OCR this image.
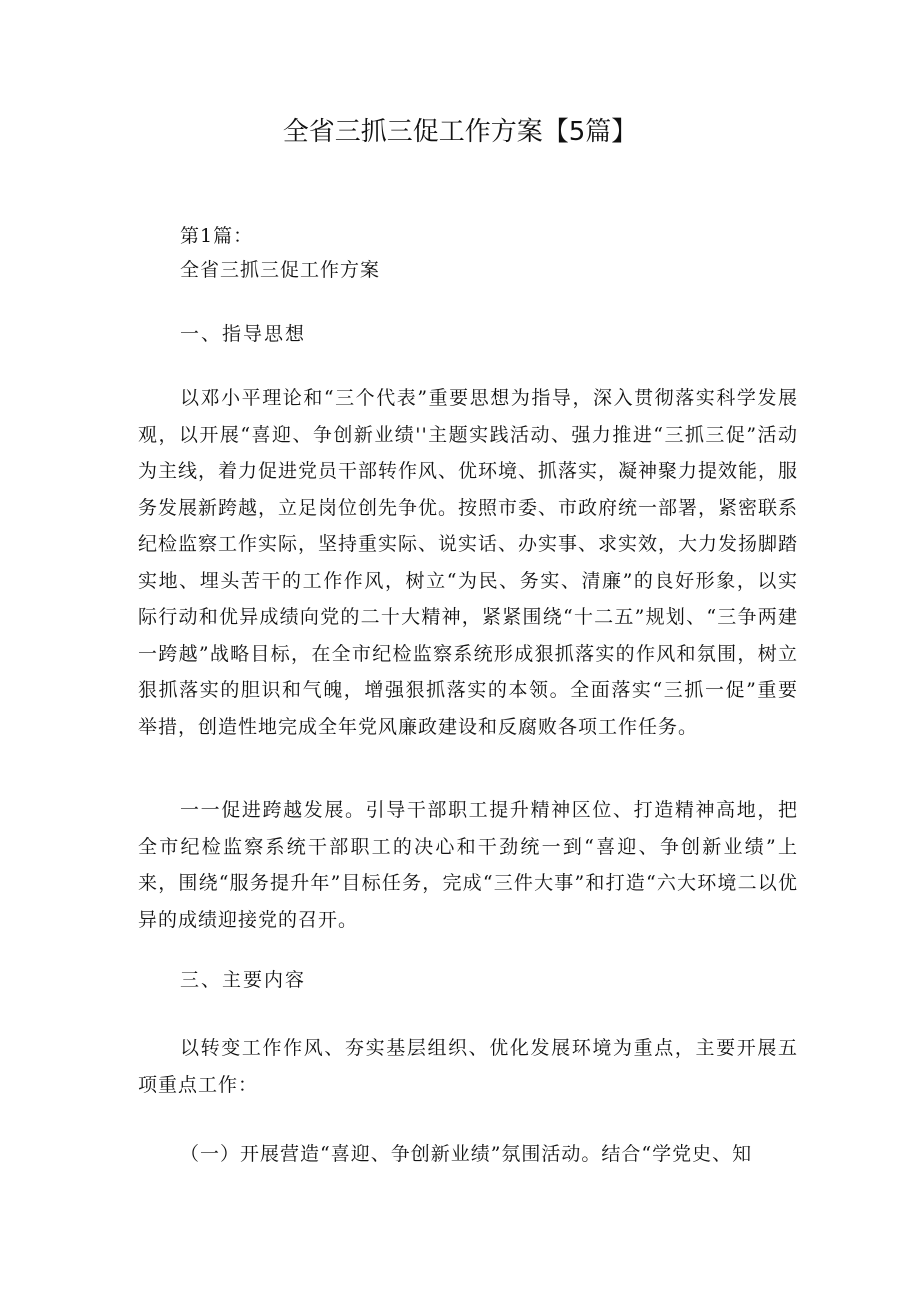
全省三抓三促工作方案【5篇】

第1篇：

全省三抓三促工作方案

一、指导思想

以邓小平理论和“三个代表”重要思想为指导，深入贯彻落实科学发展观，以开展“喜迎、争创新业绩''主题实践活动、强力推进“三抓三促”活动为主线，着力促进党员干部转作风、优环境、抓落实，凝神聚力提效能，服务发展新跨越，立足岗位创先争优。按照市委、市政府统一部署，紧密联系纪检监察工作实际，坚持重实际、说实话、办实事、求实效，大力发扬脚踏实地、埋头苦干的工作作风，树立“为民、务实、清廉”的良好形象，以实际行动和优异成绩向党的二十大精神，紧紧围绕“十二五”规划、“三争两建一跨越”战略目标，在全市纪检监察系统形成狠抓落实的作风和氛围，树立狠抓落实的胆识和气魄，增强狠抓落实的本领。全面落实“三抓一促”重要举措，创造性地完成全年党风廉政建设和反腐败各项工作任务。

一一促进跨越发展。引导干部职工提升精神区位、打造精神高地，把全市纪检监察系统干部职工的决心和干劲统一到“喜迎、争创新业绩”上来，围绕“服务提升年”目标任务，完成“三件大事”和打造“六大环境二以优异的成绩迎接党的召开。

三、主要内容

以转变工作作风、夯实基层组织、优化发展环境为重点，主要开展五项重点工作：

（一）开展营造“喜迎、争创新业绩”氛围活动。结合“学党史、知
